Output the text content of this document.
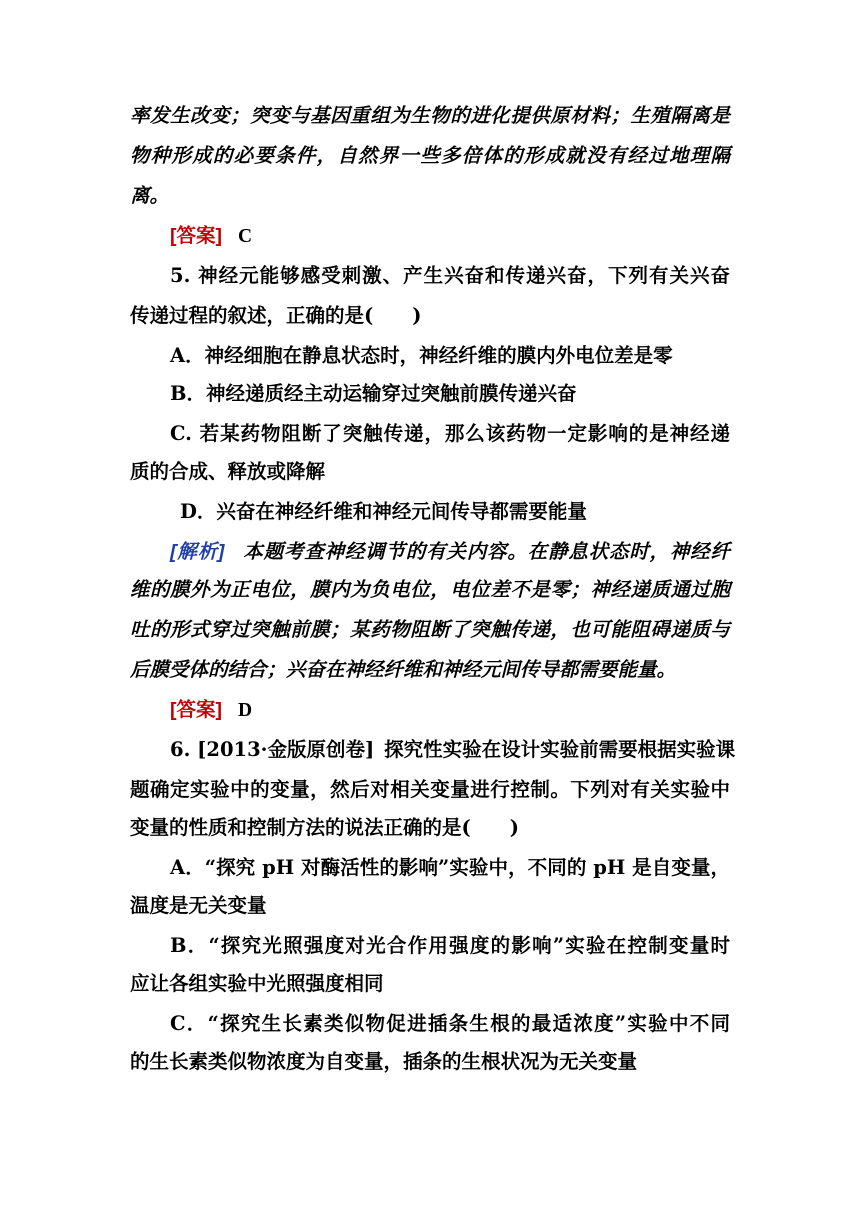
率发生改变；突变与基因重组为生物的进化提供原材料；生殖隔离是
物种形成的必要条件，自然界一些多倍体的形成就没有经过地理隔
离。
[答案] C
5. 神经元能够感受刺激、产生兴奋和传递兴奋，下列有关兴奋
传递过程的叙述，正确的是(　　)
A．神经细胞在静息状态时，神经纤维的膜内外电位差是零
B．神经递质经主动运输穿过突触前膜传递兴奋
C. 若某药物阻断了突触传递，那么该药物一定影响的是神经递
质的合成、释放或降解
D．兴奋在神经纤维和神经元间传导都需要能量
[解析] 本题考查神经调节的有关内容。在静息状态时，神经纤
维的膜外为正电位，膜内为负电位，电位差不是零；神经递质通过胞
吐的形式穿过突触前膜；某药物阻断了突触传递，也可能阻碍递质与
后膜受体的结合；兴奋在神经纤维和神经元间传导都需要能量。
[答案] D
6. [2013·金版原创卷] 探究性实验在设计实验前需要根据实验课
题确定实验中的变量，然后对相关变量进行控制。下列对有关实验中
变量的性质和控制方法的说法正确的是(　　)
A．“探究 pH 对酶活性的影响”实验中，不同的 pH 是自变量，
温度是无关变量
B．“探究光照强度对光合作用强度的影响”实验在控制变量时
应让各组实验中光照强度相同
C．“探究生长素类似物促进插条生根的最适浓度”实验中不同
的生长素类似物浓度为自变量，插条的生根状况为无关变量
